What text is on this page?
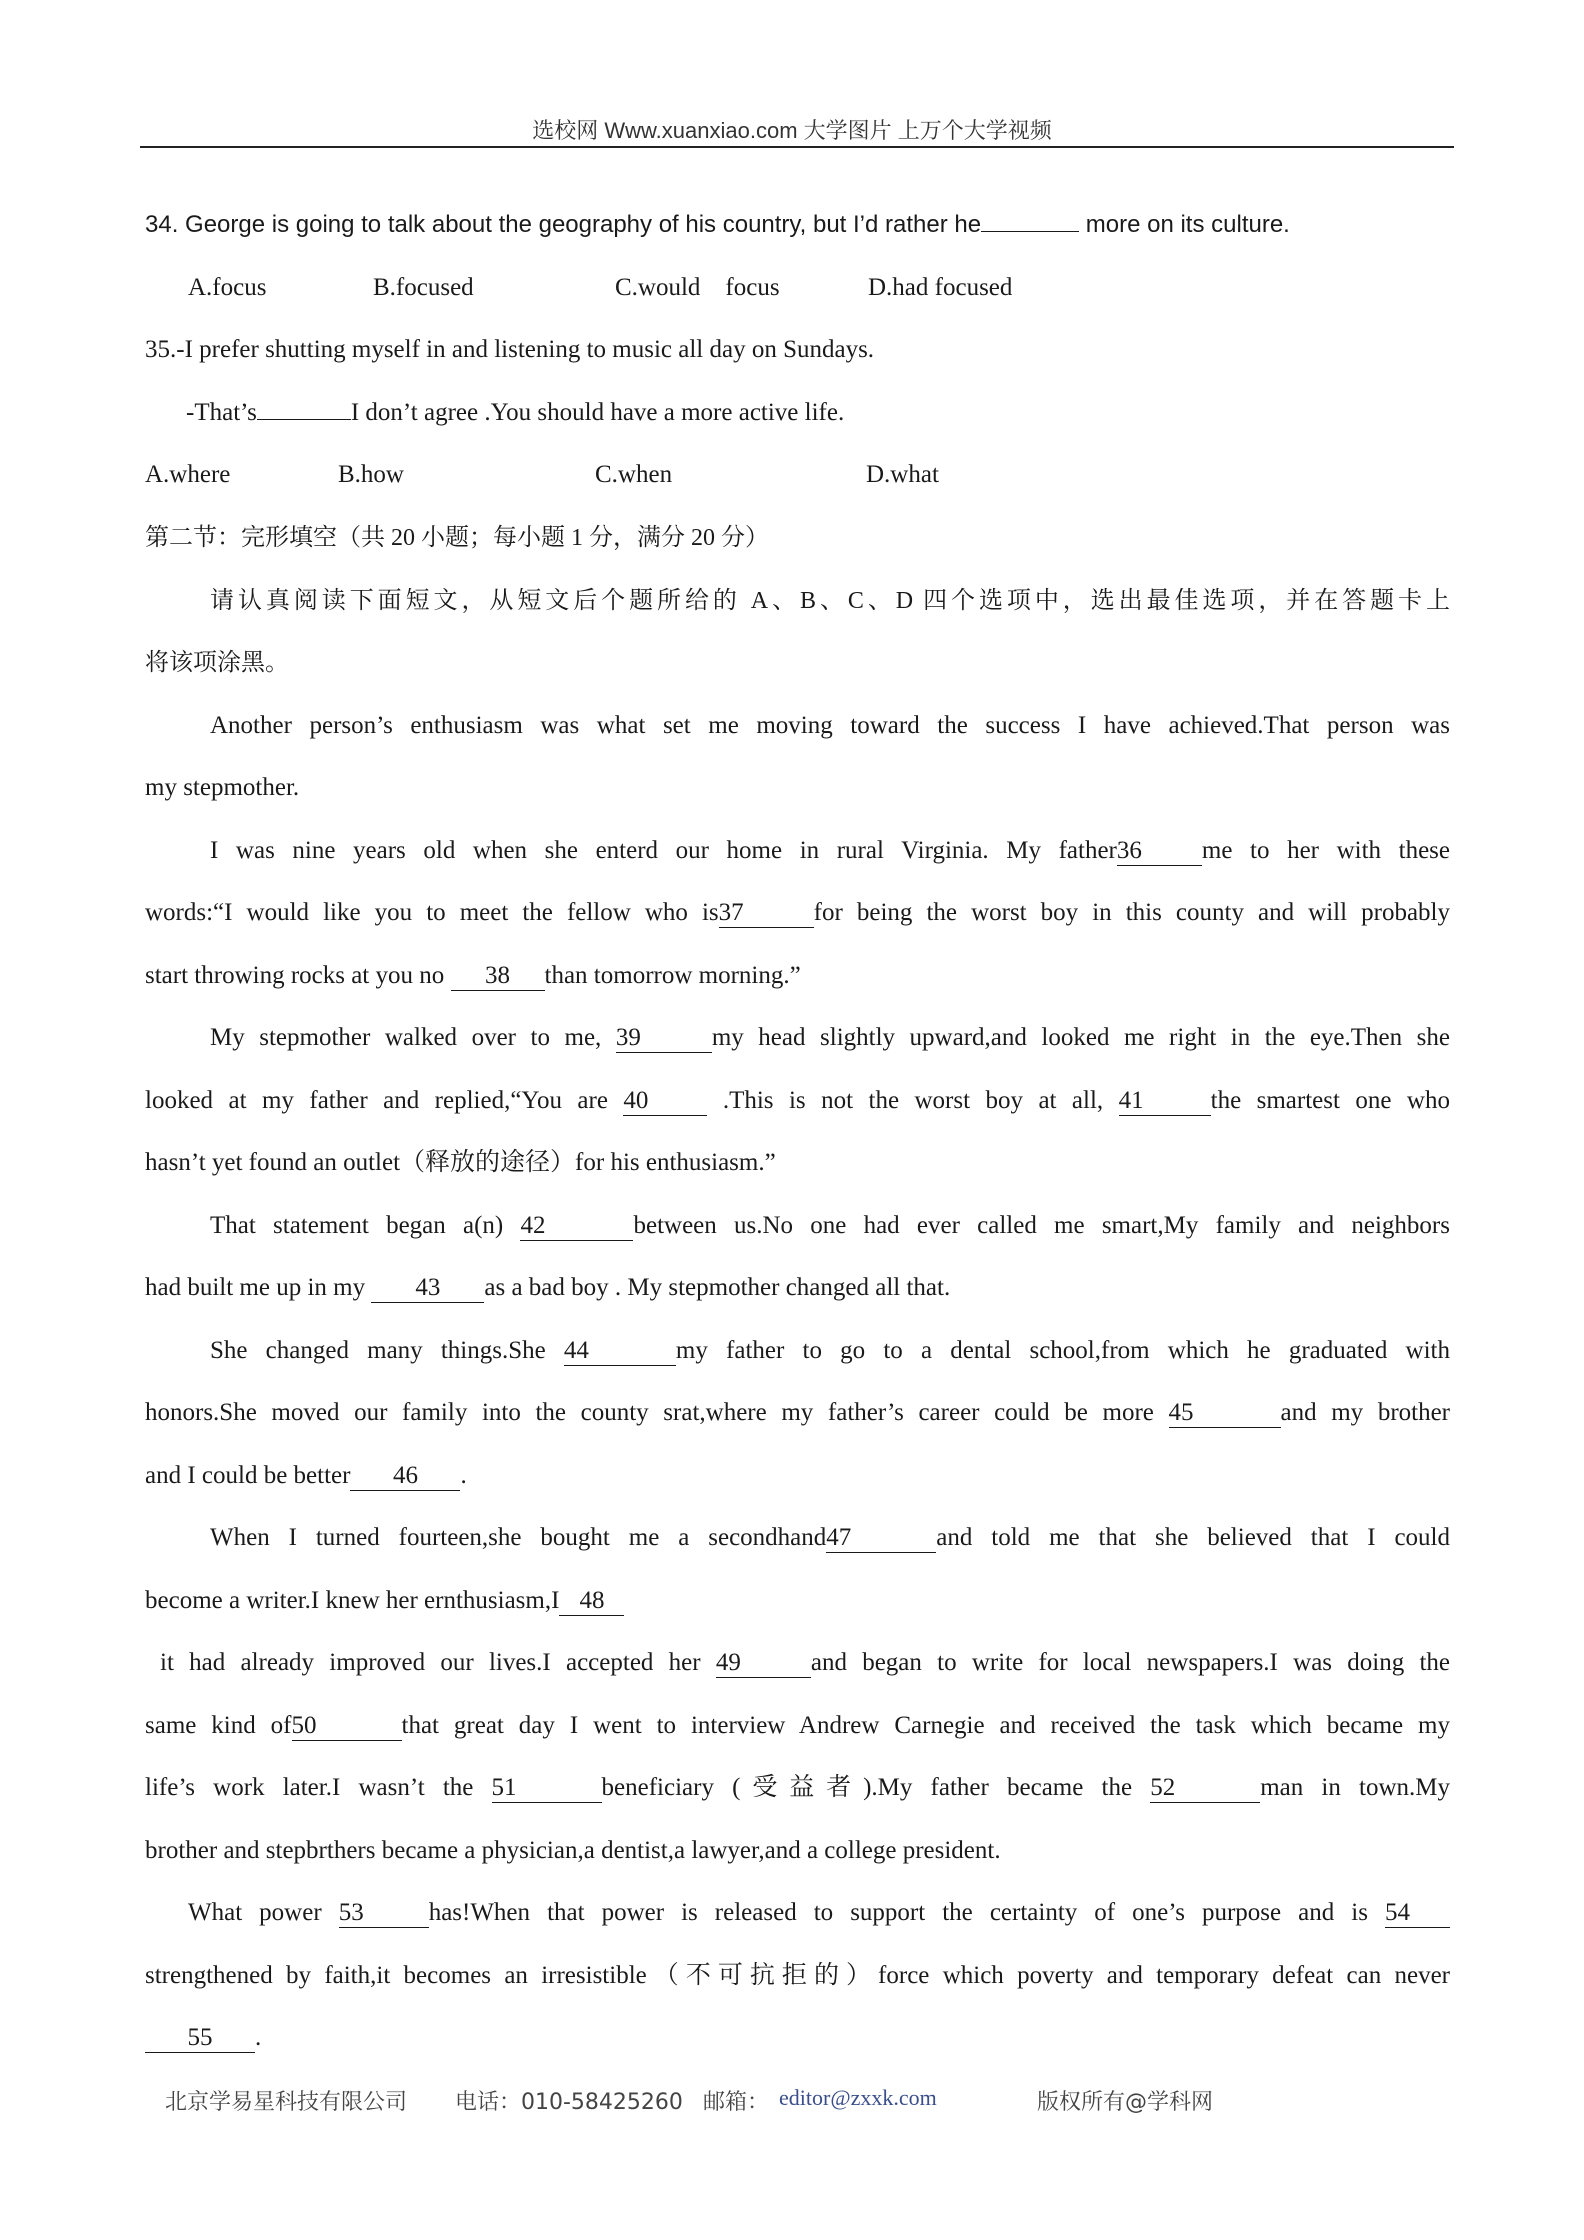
选校网 Www.xuanxiao.com 大学图片 上万个大学视频
34. George is going to talk about the geography of his country, but I’d rather he	more on its culture.
A.focus	B.focused	C.would    focus	D.had focused
35.-I prefer shutting myself in and listening to music all day on Sundays.
-That’s	I don’t agree .You should have a more active life.
A.where	B.how	C.when	D.what
第二节：完形填空（共 20 小题；每小题 1 分，满分 20 分）
请认真阅读下面短文，从短文后个题所给的 A、B、C、D 四个选项中，选出最佳选项，并在答题卡上
将该项涂黑。
Another person’s enthusiasm was what set me moving toward the success I have achieved.That person was
my stepmother.
I was nine years old when she enterd our home in rural Virginia. My father36 me to her with these
words:“I would like you to meet the fellow who is37	for being the worst boy in this county and will probably
start throwing rocks at you no 38 than tomorrow morning.”
My stepmother walked over to me, 39	my head slightly upward,and looked me right in the eye.Then she
looked at my father and replied,“You are 40 .This is not the worst boy at all, 41	the smartest one who
hasn’t yet found an outlet（释放的途径）for his enthusiasm.”
That statement began a(n) 42	between us.No one had ever called me smart,My family and neighbors
had built me up in my 43 as a bad boy . My stepmother changed all that.
She changed many things.She 44	my father to go to a dental school,from which he graduated with
honors.She moved our family into the county srat,where my father’s career could be more 45	and my brother
and I could be better 46 .
When I turned fourteen,she bought me a secondhand47	and told me that she believed that I could
become a writer.I knew her ernthusiasm,I 48
it had already improved our lives.I accepted her 49	and began to write for local newspapers.I was doing the
same kind of50	that great day I went to interview Andrew Carnegie and received the task which became my
life’s work later.I wasn’t the 51	beneficiary (受益者).My father became the 52	man in town.My
brother and stepbrthers became a physician,a dentist,a lawyer,and a college president.
What power 53	has!When that power is released to support the certainty of one’s purpose and is 54
strengthened by faith,it becomes an irresistible（不可抗拒的）force which poverty and temporary defeat can never
55 .
北京学易星科技有限公司 电话：010-58425260 邮箱： editor@zxxk.com	版权所有@学科网
